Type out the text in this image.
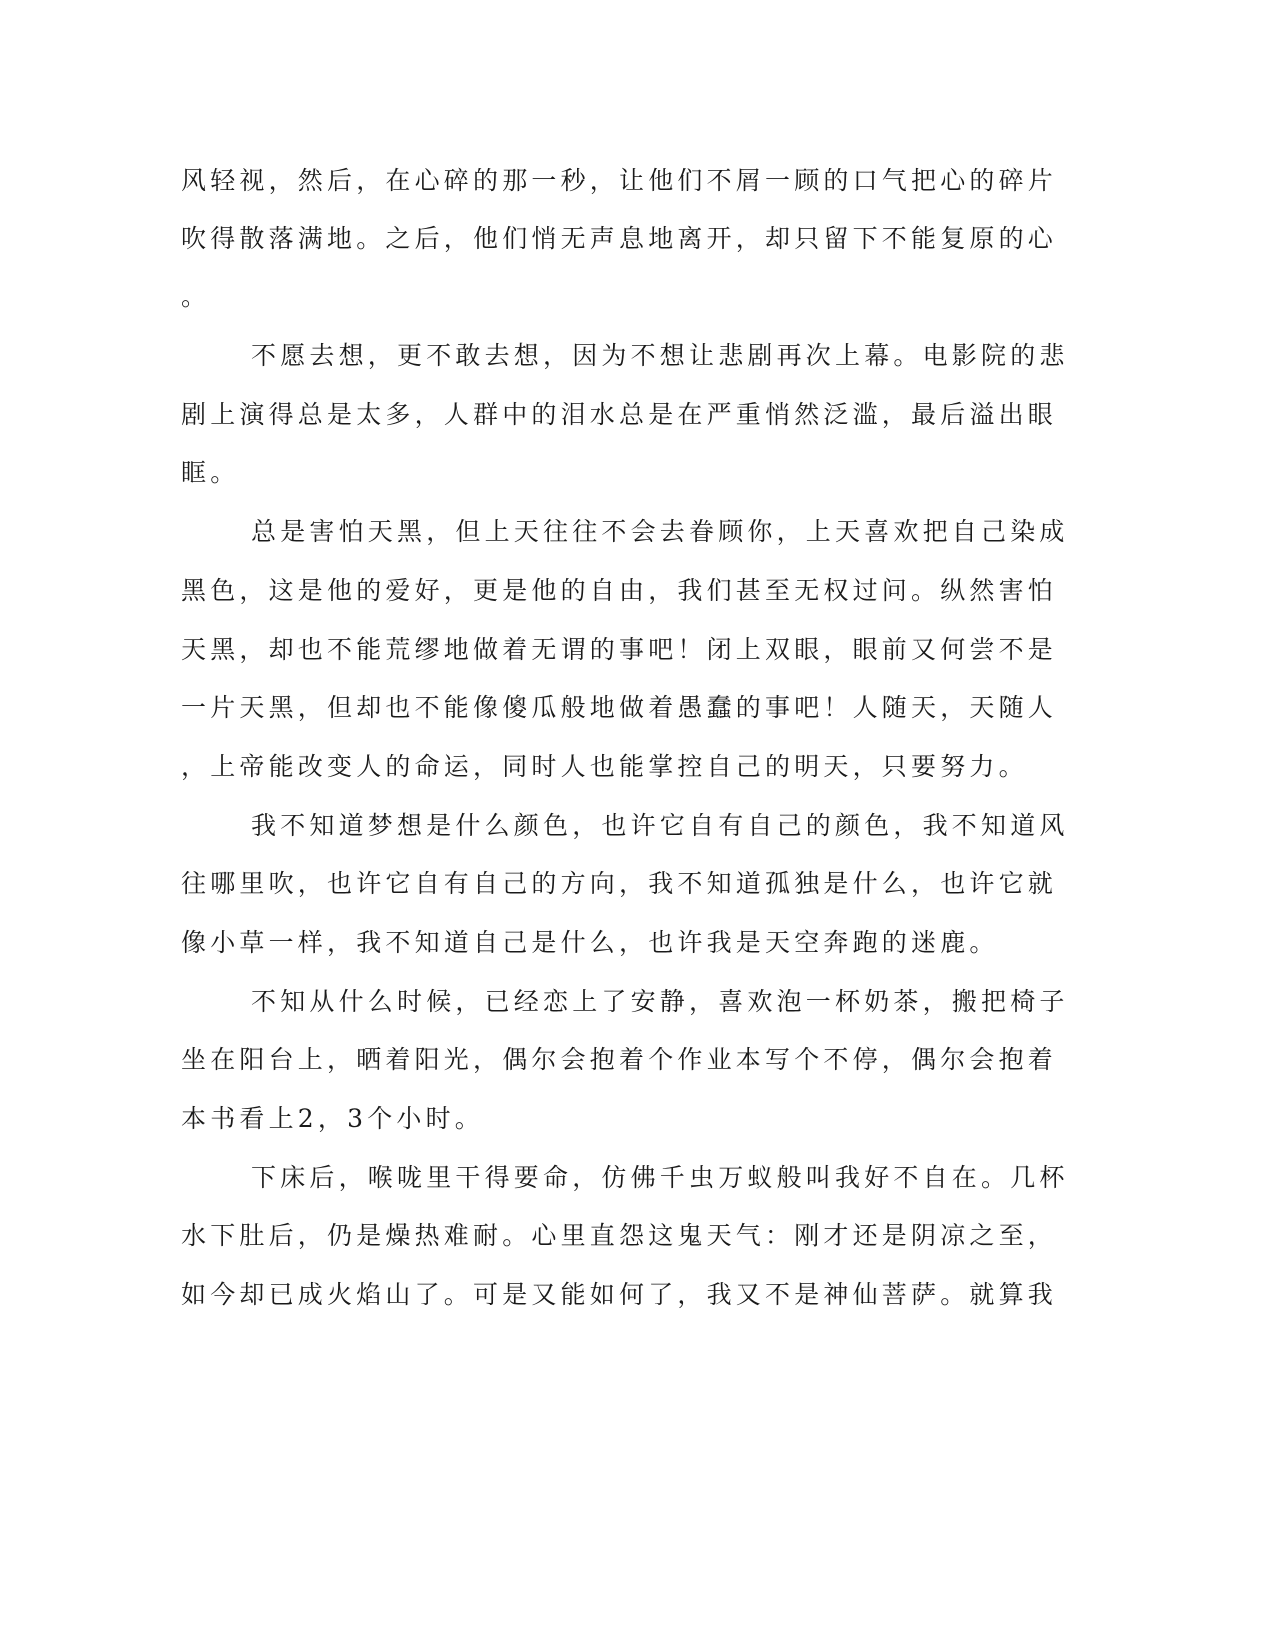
风轻视，然后，在心碎的那一秒，让他们不屑一顾的口气把心的碎片

吹得散落满地。之后，他们悄无声息地离开，却只留下不能复原的心

。

不愿去想，更不敢去想，因为不想让悲剧再次上幕。电影院的悲

剧上演得总是太多，人群中的泪水总是在严重悄然泛滥，最后溢出眼

眶。

总是害怕天黑，但上天往往不会去眷顾你，上天喜欢把自己染成

黑色，这是他的爱好，更是他的自由，我们甚至无权过问。纵然害怕

天黑，却也不能荒缪地做着无谓的事吧！闭上双眼，眼前又何尝不是

一片天黑，但却也不能像傻瓜般地做着愚蠢的事吧！人随天，天随人

，上帝能改变人的命运，同时人也能掌控自己的明天，只要努力。

我不知道梦想是什么颜色，也许它自有自己的颜色，我不知道风

往哪里吹，也许它自有自己的方向，我不知道孤独是什么，也许它就

像小草一样，我不知道自己是什么，也许我是天空奔跑的迷鹿。

不知从什么时候，已经恋上了安静，喜欢泡一杯奶茶，搬把椅子

坐在阳台上，晒着阳光，偶尔会抱着个作业本写个不停，偶尔会抱着

本书看上2，3个小时。

下床后，喉咙里干得要命，仿佛千虫万蚁般叫我好不自在。几杯

水下肚后，仍是燥热难耐。心里直怨这鬼天气：刚才还是阴凉之至，

如今却已成火焰山了。可是又能如何了，我又不是神仙菩萨。就算我
